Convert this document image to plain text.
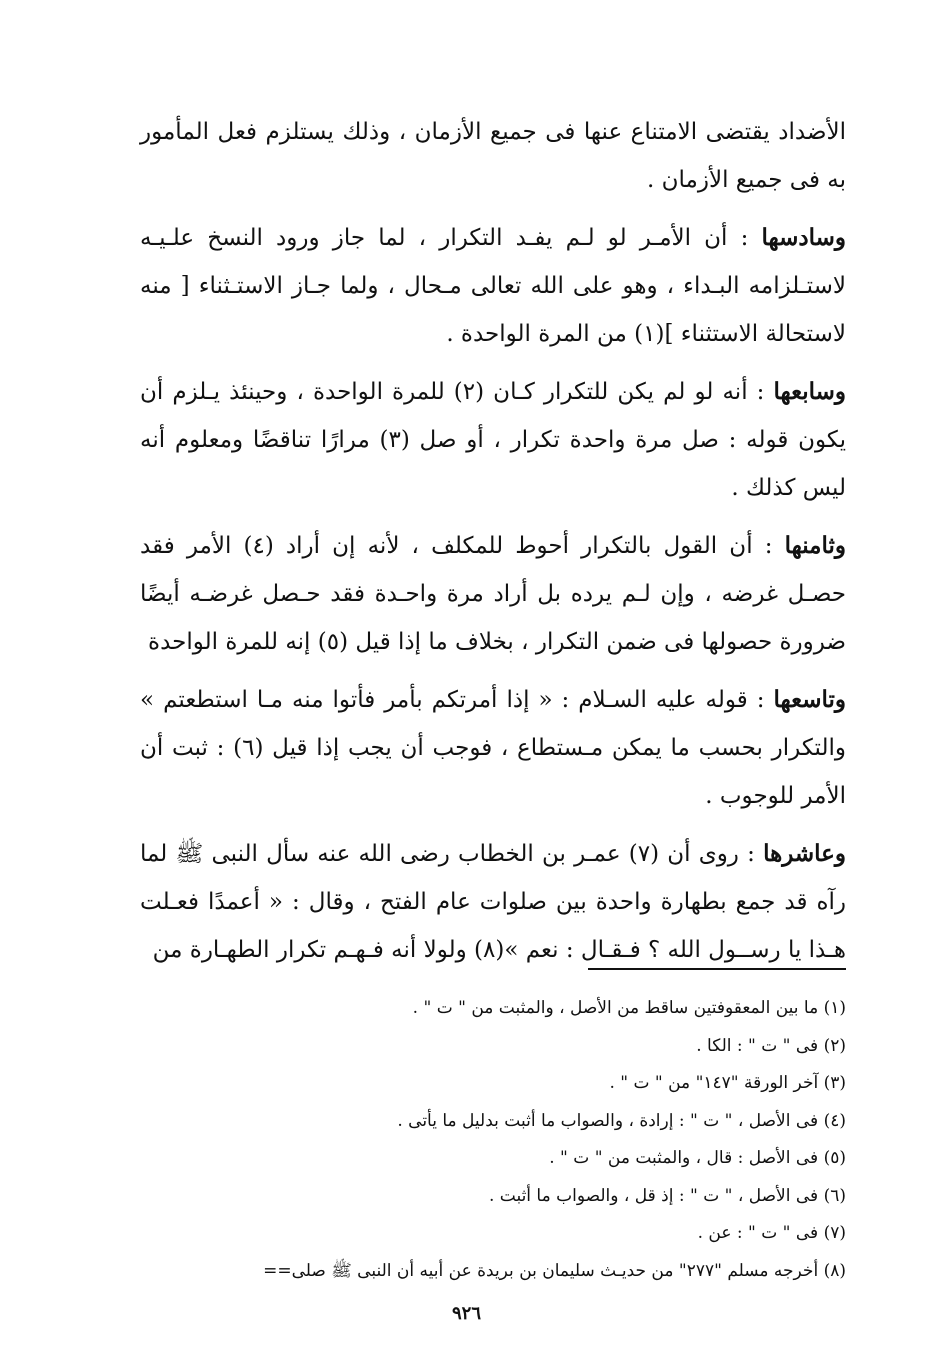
الأضداد يقتضى الامتناع عنها فى جميع الأزمان ، وذلك يستلزم فعل المأمور به فى جميع الأزمان .

وسادسها : أن الأمـر لو لـم يفـد التكرار ، لما جاز ورود النسخ علـيـه لاستـلزامه البـداء ، وهو على الله تعالى مـحال ، ولما جـاز الاستـثناء [ منه لاستحالة الاستثناء ](١) من المرة الواحدة .

وسابعها : أنه لو لم يكن للتكرار كـان (٢) للمرة الواحدة ، وحينئذ يـلزم أن يكون قوله : صل مرة واحدة تكرار ، أو صل (٣) مرارًا تناقضًا ومعلوم أنه ليس كذلك .

وثامنها : أن القول بالتكرار أحوط للمكلف ، لأنه إن أراد (٤) الأمر فقد حصـل غرضه ، وإن لـم يرده بل أراد مرة واحـدة فقد حـصل غرضـه أيضًا ضرورة حصولها فى ضمن التكرار ، بخلاف ما إذا قيل (٥) إنه للمرة الواحدة

وتاسعها : قوله عليه السـلام : « إذا أمرتكم بأمر فأتوا منه مـا استطعتم » والتكرار بحسب ما يمكن مـستطاع ، فوجب أن يجب إذا قيل (٦) : ثبت أن الأمر للوجوب .

وعاشرها : روى أن (٧) عمـر بن الخطاب رضى الله عنه سأل النبى ﷺ لما رآه قد جمع بطهارة واحدة بين صلوات عام الفتح ، وقال : « أعمدًا فعـلت هـذا يا رســول الله ؟ فـقـال : نعم »(٨) ولولا أنه فـهـم تكرار الطهـارة من

(١) ما بين المعقوفتين ساقط من الأصل ، والمثبت من " ت " .
(٢) فى " ت " : الكا .
(٣) آخر الورقة "١٤٧" من " ت " .
(٤) فى الأصل ، " ت " : إرادة ، والصواب ما أثبت بدليل ما يأتى .
(٥) فى الأصل : قال ، والمثبت من " ت " .
(٦) فى الأصل ، " ت " : إذ قل ، والصواب ما أثبت .
(٧) فى " ت " : عن .
(٨) أخرجه مسلم "٢٧٧" من حديـث سليمان بن بريدة عن أبيه أن النبى ﷺ صلى==
٩٢٦
